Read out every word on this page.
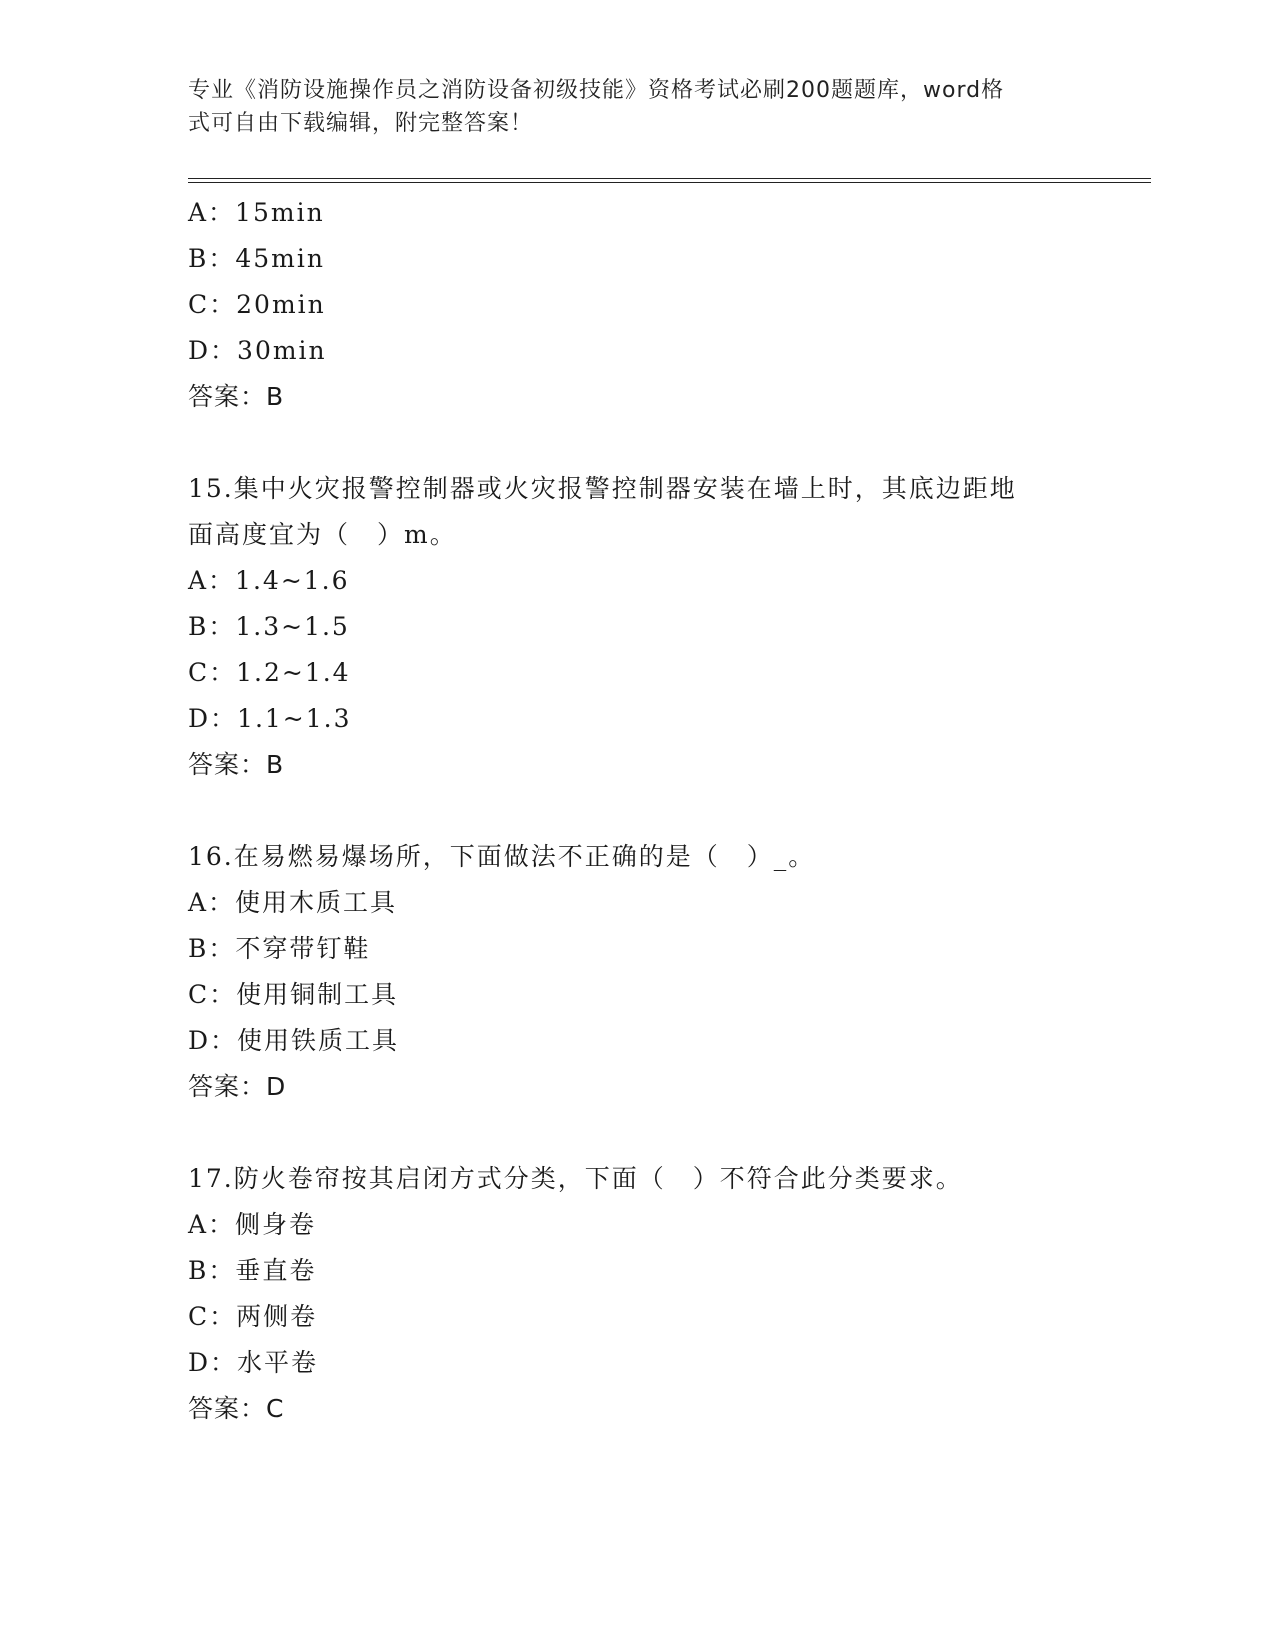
专业《消防设施操作员之消防设备初级技能》资格考试必刷200题题库，word格
式可自由下载编辑，附完整答案！
A：15min
B：45min
C：20min
D：30min
答案：B
15.集中火灾报警控制器或火灾报警控制器安装在墙上时，其底边距地
面高度宜为（　）m。
A：1.4~1.6
B：1.3~1.5
C：1.2~1.4
D：1.1~1.3
答案：B
16.在易燃易爆场所，下面做法不正确的是（　）_。
A：使用木质工具
B：不穿带钉鞋
C：使用铜制工具
D：使用铁质工具
答案：D
17.防火卷帘按其启闭方式分类，下面（　）不符合此分类要求。
A：侧身卷
B：垂直卷
C：两侧卷
D：水平卷
答案：C
